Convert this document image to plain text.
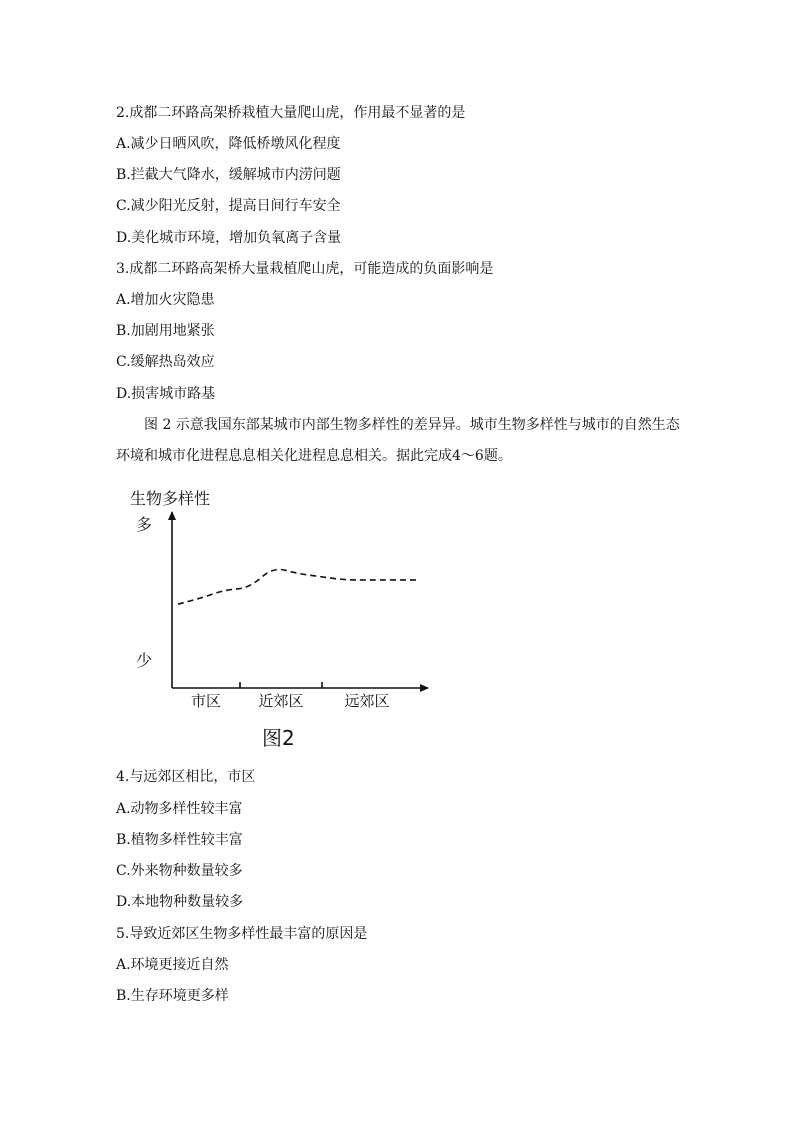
2.成都二环路高架桥栽植大量爬山虎，作用最不显著的是
A.减少日晒风吹，降低桥墩风化程度
B.拦截大气降水，缓解城市内涝问题
C.减少阳光反射，提高日间行车安全
D.美化城市环境，增加负氧离子含量
3.成都二环路高架桥大量栽植爬山虎，可能造成的负面影响是
A.增加火灾隐患
B.加剧用地紧张
C.缓解热岛效应
D.损害城市路基
图 2 示意我国东部某城市内部生物多样性的差异异。城市生物多样性与城市的自然生态
环境和城市化进程息息相关化进程息息相关。据此完成4～6题。
生物多样性
多
少
市区 近郊区	远郊区
图2
4.与远郊区相比，市区
A.动物多样性较丰富
B.植物多样性较丰富
C.外来物种数量较多
D.本地物种数量较多
5.导致近郊区生物多样性最丰富的原因是
A.环境更接近自然
B.生存环境更多样
